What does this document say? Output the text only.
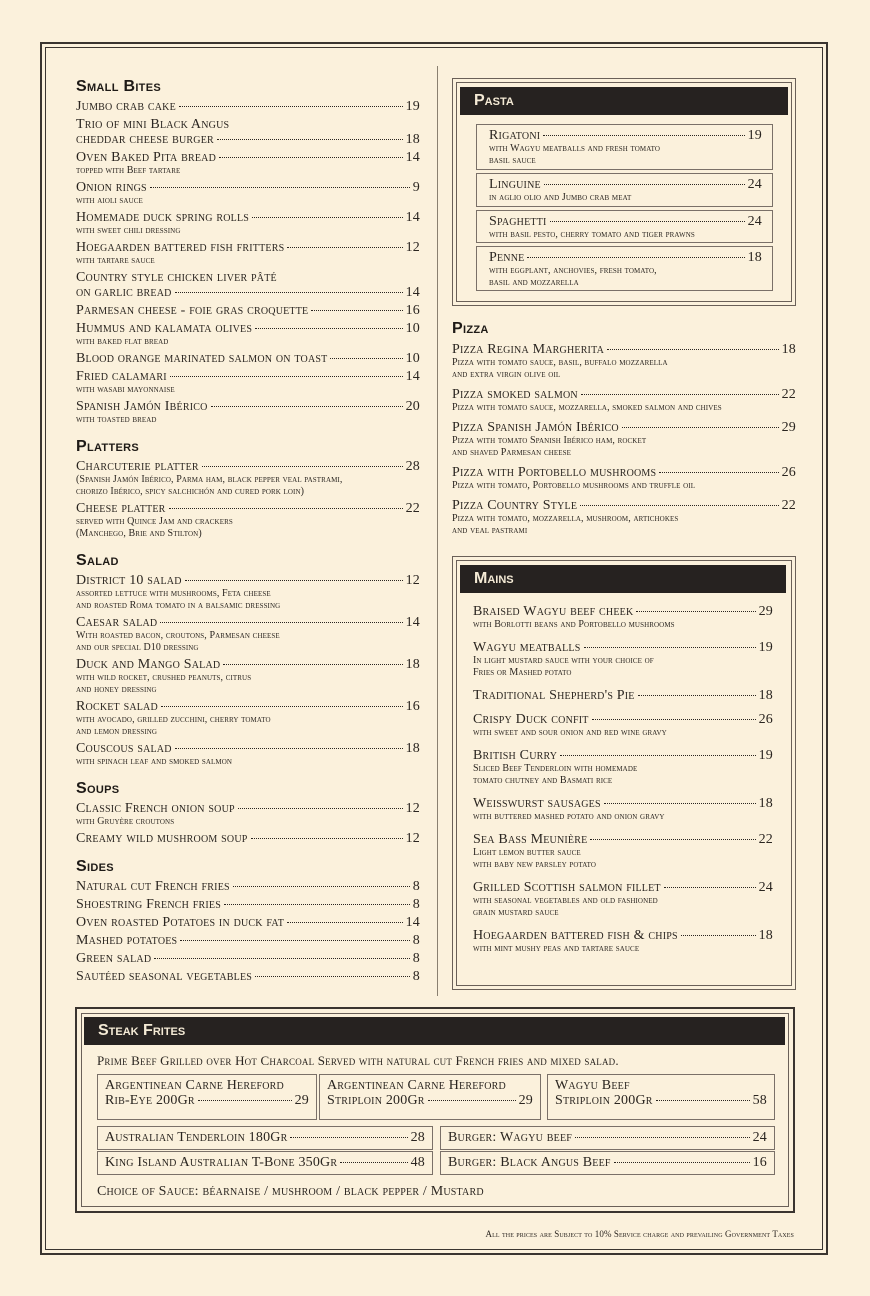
Small Bites
Jumbo crab cake	19
Trio of mini Black Angus
cheddar cheese burger	18
Oven Baked Pita bread	14
topped with Beef tartare
Onion rings	9
with aioli sauce
Homemade duck spring rolls	14
with sweet chili dressing
Hoegaarden battered fish fritters	12
with tartare sauce
Country style chicken liver pâté
on garlic bread	14
Parmesan cheese - foie gras croquette	16
Hummus and kalamata olives	10
with baked flat bread
Blood orange marinated salmon on toast	10
Fried calamari	14
with wasabi mayonnaise
Spanish Jamón Ibérico	20
with toasted bread
Platters
Charcuterie platter	28
(Spanish Jamón Ibérico, Parma ham, black pepper veal pastrami,
chorizo Ibérico, spicy salchichón and cured pork loin)
Cheese platter	22
served with Quince Jam and crackers
(Manchego, Brie and Stilton)
Salad
District 10 salad	12
assorted lettuce with mushrooms, Feta cheese
and roasted Roma tomato in a balsamic dressing
Caesar salad	14
With roasted bacon, croutons, Parmesan cheese
and our special D10 dressing
Duck and Mango Salad	18
with wild rocket, crushed peanuts, citrus
and honey dressing
Rocket salad	16
with avocado, grilled zucchini, cherry tomato
and lemon dressing
Couscous salad	18
with spinach leaf and smoked salmon
Soups
Classic French onion soup	12
with Gruyère croutons
Creamy wild mushroom soup	12
Sides
Natural cut French fries	8
Shoestring French fries	8
Oven roasted Potatoes in duck fat	14
Mashed potatoes	8
Green salad	8
Sautéed seasonal vegetables	8
Pasta
Rigatoni	19
with Wagyu meatballs and fresh tomato
basil sauce
Linguine	24
in aglio olio and Jumbo crab meat
Spaghetti	24
with basil pesto, cherry tomato and tiger prawns
Penne	18
with eggplant, anchovies, fresh tomato,
basil and mozzarella
Pizza
Pizza Regina Margherita	18
Pizza with tomato sauce, basil, buffalo mozzarella
and extra virgin olive oil
Pizza smoked salmon	22
Pizza with tomato sauce, mozzarella, smoked salmon and chives
Pizza Spanish Jamón Ibérico	29
Pizza with tomato Spanish Ibérico ham, rocket
and shaved Parmesan cheese
Pizza with Portobello mushrooms	26
Pizza with tomato, Portobello mushrooms and truffle oil
Pizza Country Style	22
Pizza with tomato, mozzarella, mushroom, artichokes
and veal pastrami
Mains
Braised Wagyu beef cheek	29
with Borlotti beans and Portobello mushrooms
Wagyu meatballs	19
In light mustard sauce with your choice of
Fries or Mashed potato
Traditional Shepherd's Pie	18
Crispy Duck confit	26
with sweet and sour onion and red wine gravy
British Curry	19
Sliced Beef Tenderloin with homemade
tomato chutney and Basmati rice
Weisswurst sausages	18
with buttered mashed potato and onion gravy
Sea Bass Meunière	22
Light lemon butter sauce
with baby new parsley potato
Grilled Scottish salmon fillet	24
with seasonal vegetables and old fashioned
grain mustard sauce
Hoegaarden battered fish & chips	18
with mint mushy peas and tartare sauce
Steak Frites
Prime Beef Grilled over Hot Charcoal Served with natural cut French fries and mixed salad.
Argentinean Carne Hereford
Rib-Eye 200Gr	29
Argentinean Carne Hereford
Striploin 200Gr	29
Wagyu Beef
Striploin 200Gr	58
Australian Tenderloin 180Gr	28
King Island Australian T-Bone 350Gr	48
Burger: Wagyu beef	24
Burger: Black Angus Beef	16
Choice of Sauce: béarnaise / mushroom / black pepper / Mustard
All the prices are Subject to 10% Service charge and prevailing Government Taxes
